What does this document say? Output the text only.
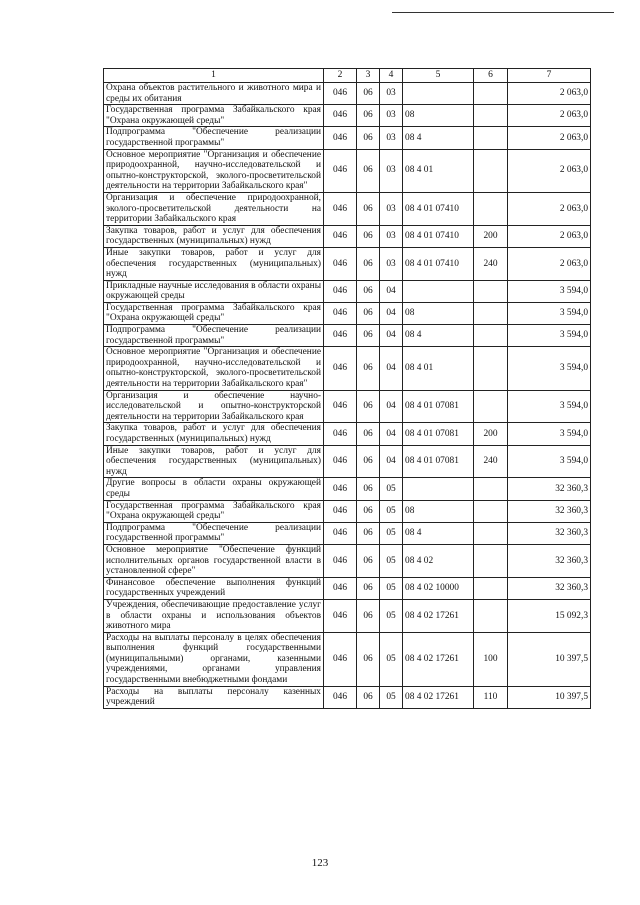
1	2	3	4	5	6	7
Охрана объектов растительного и животного мира и среды их обитания	046	06	03			2 063,0
Государственная программа Забайкальского края "Охрана окружающей среды"	046	06	03	08		2 063,0
Подпрограмма "Обеспечение реализации государственной программы"	046	06	03	08 4		2 063,0
Основное мероприятие "Организация и обеспечение природоохранной, научно-исследовательской и опытно-конструкторской, эколого-просветительской деятельности на территории Забайкальского края"	046	06	03	08 4 01		2 063,0
Организация и обеспечение природоохранной, эколого-просветительской деятельности на территории Забайкальского края	046	06	03	08 4 01 07410		2 063,0
Закупка товаров, работ и услуг для обеспечения государственных (муниципальных) нужд	046	06	03	08 4 01 07410	200	2 063,0
Иные закупки товаров, работ и услуг для обеспечения государственных (муниципальных) нужд	046	06	03	08 4 01 07410	240	2 063,0
Прикладные научные исследования в области охраны окружающей среды	046	06	04			3 594,0
Государственная программа Забайкальского края "Охрана окружающей среды"	046	06	04	08		3 594,0
Подпрограмма "Обеспечение реализации государственной программы"	046	06	04	08 4		3 594,0
Основное мероприятие "Организация и обеспечение природоохранной, научно-исследовательской и опытно-конструкторской, эколого-просветительской деятельности на территории Забайкальского края"	046	06	04	08 4 01		3 594,0
Организация и обеспечение научно-исследовательской и опытно-конструкторской деятельности на территории Забайкальского края	046	06	04	08 4 01 07081		3 594,0
Закупка товаров, работ и услуг для обеспечения государственных (муниципальных) нужд	046	06	04	08 4 01 07081	200	3 594,0
Иные закупки товаров, работ и услуг для обеспечения государственных (муниципальных) нужд	046	06	04	08 4 01 07081	240	3 594,0
Другие вопросы в области охраны окружающей среды	046	06	05			32 360,3
Государственная программа Забайкальского края "Охрана окружающей среды"	046	06	05	08		32 360,3
Подпрограмма "Обеспечение реализации государственной программы"	046	06	05	08 4		32 360,3
Основное мероприятие "Обеспечение функций исполнительных органов государственной власти в установленной сфере"	046	06	05	08 4 02		32 360,3
Финансовое обеспечение выполнения функций государственных учреждений	046	06	05	08 4 02 10000		32 360,3
Учреждения, обеспечивающие предоставление услуг в области охраны и использования объектов животного мира	046	06	05	08 4 02 17261		15 092,3
Расходы на выплаты персоналу в целях обеспечения выполнения функций государственными (муниципальными) органами, казенными учреждениями, органами управления государственными внебюджетными фондами	046	06	05	08 4 02 17261	100	10 397,5
Расходы на выплаты персоналу казенных учреждений	046	06	05	08 4 02 17261	110	10 397,5
123
